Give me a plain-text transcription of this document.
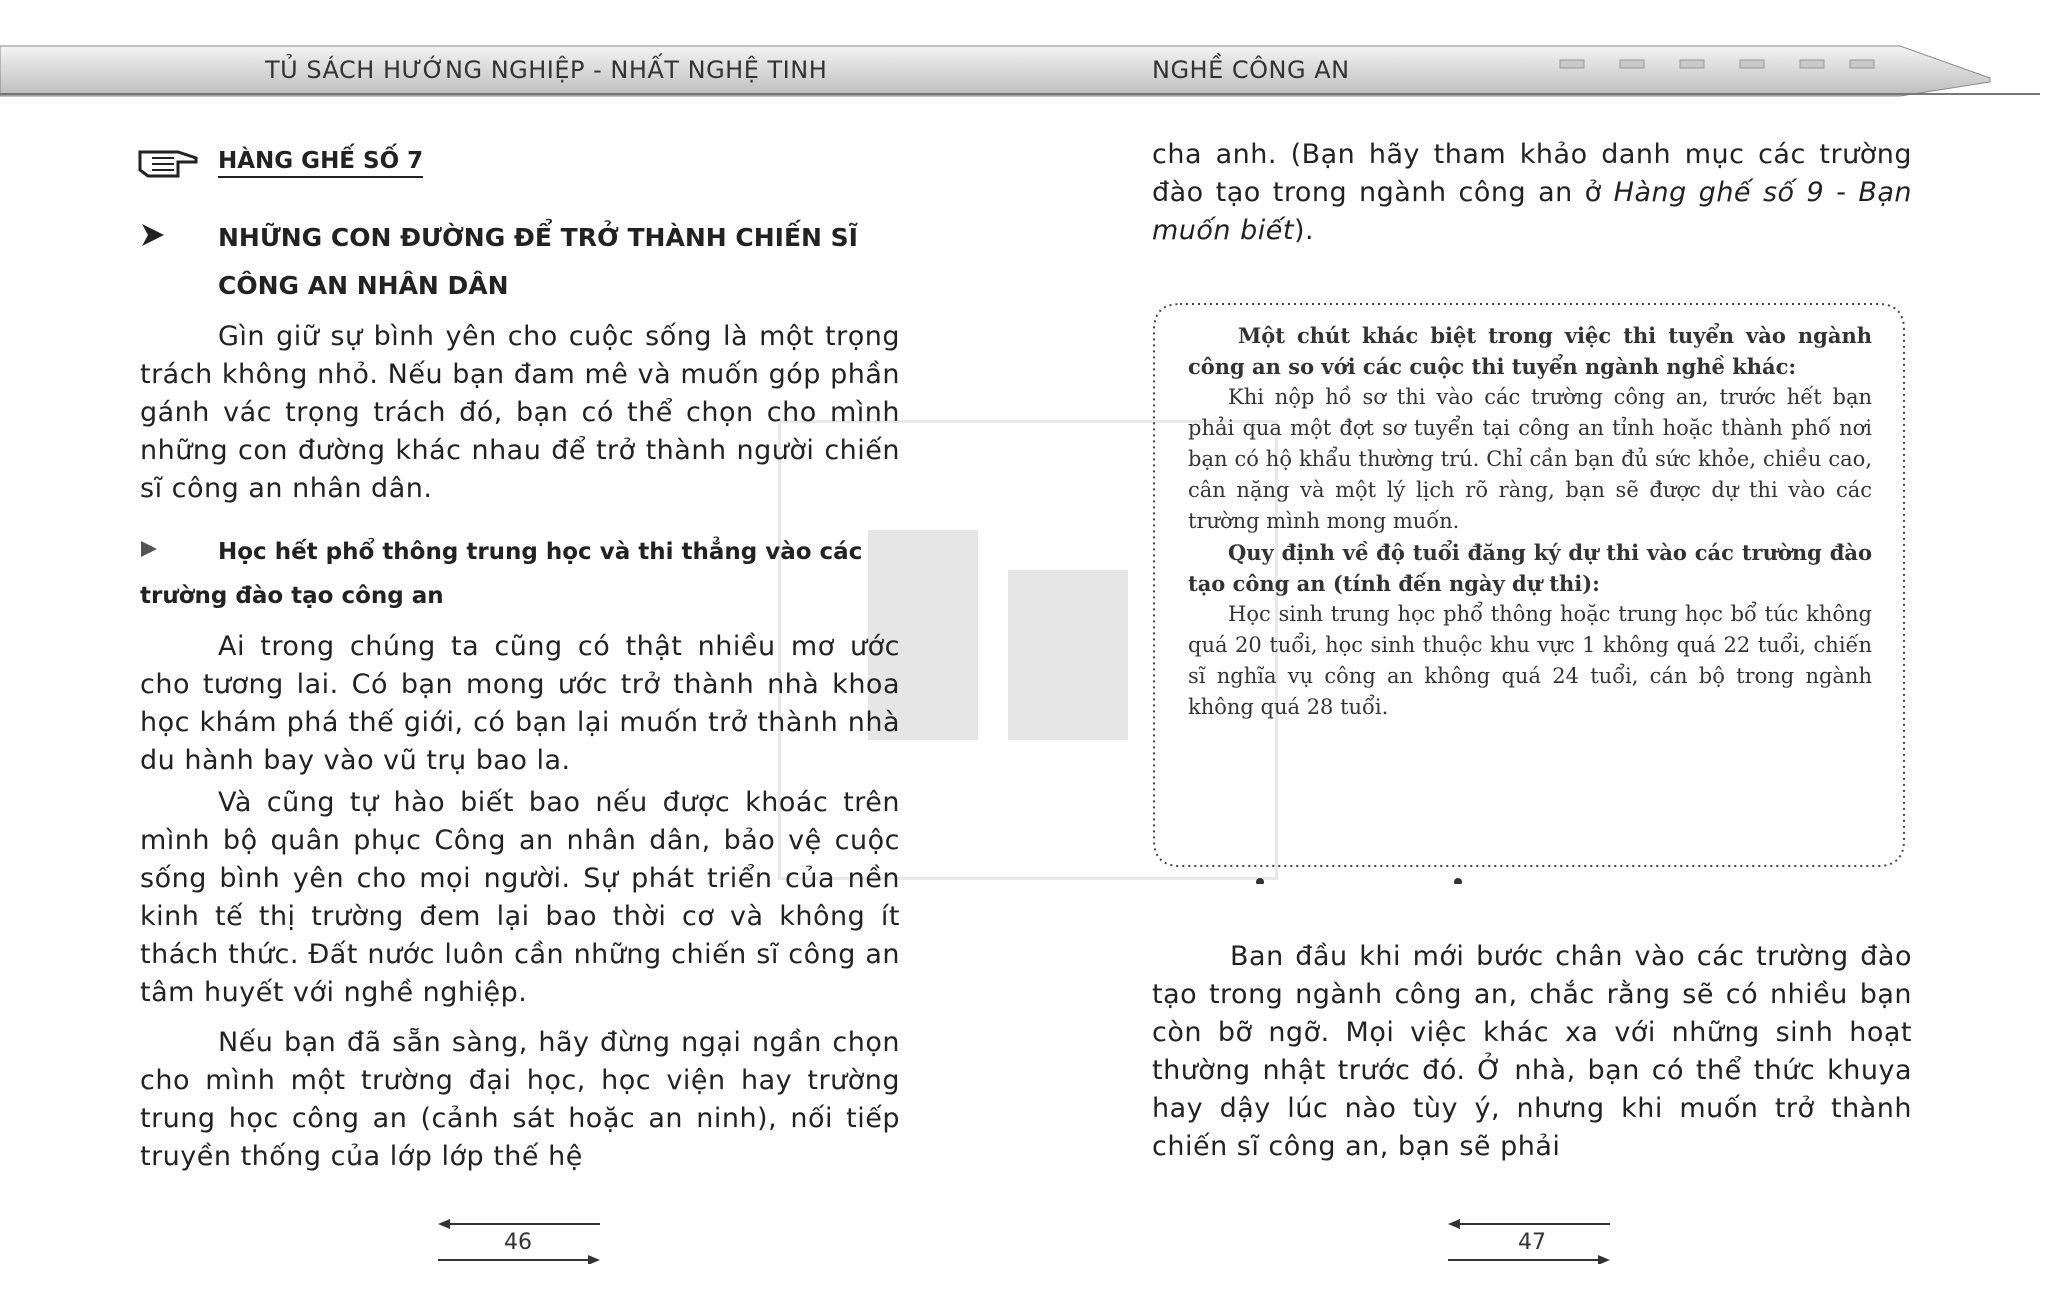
TỦ SÁCH HƯỚNG NGHIỆP - NHẤT NGHỆ TINH	NGHỀ CÔNG AN
HÀNG GHẾ SỐ 7
NHỮNG CON ĐƯỜNG ĐỂ TRỞ THÀNH CHIẾN SĨ
CÔNG AN NHÂN DÂN
Gìn giữ sự bình yên cho cuộc sống là một trọng trách không nhỏ. Nếu bạn đam mê và muốn góp phần gánh vác trọng trách đó, bạn có thể chọn cho mình những con đường khác nhau để trở thành người chiến sĩ công an nhân dân.
Học hết phổ thông trung học và thi thẳng vào các trường đào tạo công an
Ai trong chúng ta cũng có thật nhiều mơ ước cho tương lai. Có bạn mong ước trở thành nhà khoa học khám phá thế giới, có bạn lại muốn trở thành nhà du hành bay vào vũ trụ bao la.
Và cũng tự hào biết bao nếu được khoác trên mình bộ quân phục Công an nhân dân, bảo vệ cuộc sống bình yên cho mọi người. Sự phát triển của nền kinh tế thị trường đem lại bao thời cơ và không ít thách thức. Đất nước luôn cần những chiến sĩ công an tâm huyết với nghề nghiệp.
Nếu bạn đã sẵn sàng, hãy đừng ngại ngần chọn cho mình một trường đại học, học viện hay trường trung học công an (cảnh sát hoặc an ninh), nối tiếp truyền thống của lớp lớp thế hệ
46
cha anh. (Bạn hãy tham khảo danh mục các trường đào tạo trong ngành công an ở Hàng ghế số 9 - Bạn muốn biết).

Một chút khác biệt trong việc thi tuyển vào ngành công an so với các cuộc thi tuyển ngành nghề khác:

Khi nộp hồ sơ thi vào các trường công an, trước hết bạn phải qua một đợt sơ tuyển tại công an tỉnh hoặc thành phố nơi bạn có hộ khẩu thường trú. Chỉ cần bạn đủ sức khỏe, chiều cao, cân nặng và một lý lịch rõ ràng, bạn sẽ được dự thi vào các trường mình mong muốn.

Quy định về độ tuổi đăng ký dự thi vào các trường đào tạo công an (tính đến ngày dự thi):

Học sinh trung học phổ thông hoặc trung học bổ túc không quá 20 tuổi, học sinh thuộc khu vực 1 không quá 22 tuổi, chiến sĩ nghĩa vụ công an không quá 24 tuổi, cán bộ trong ngành không quá 28 tuổi.

Ban đầu khi mới bước chân vào các trường đào tạo trong ngành công an, chắc rằng sẽ có nhiều bạn còn bỡ ngỡ. Mọi việc khác xa với những sinh hoạt thường nhật trước đó. Ở nhà, bạn có thể thức khuya hay dậy lúc nào tùy ý, nhưng khi muốn trở thành chiến sĩ công an, bạn sẽ phải
47
